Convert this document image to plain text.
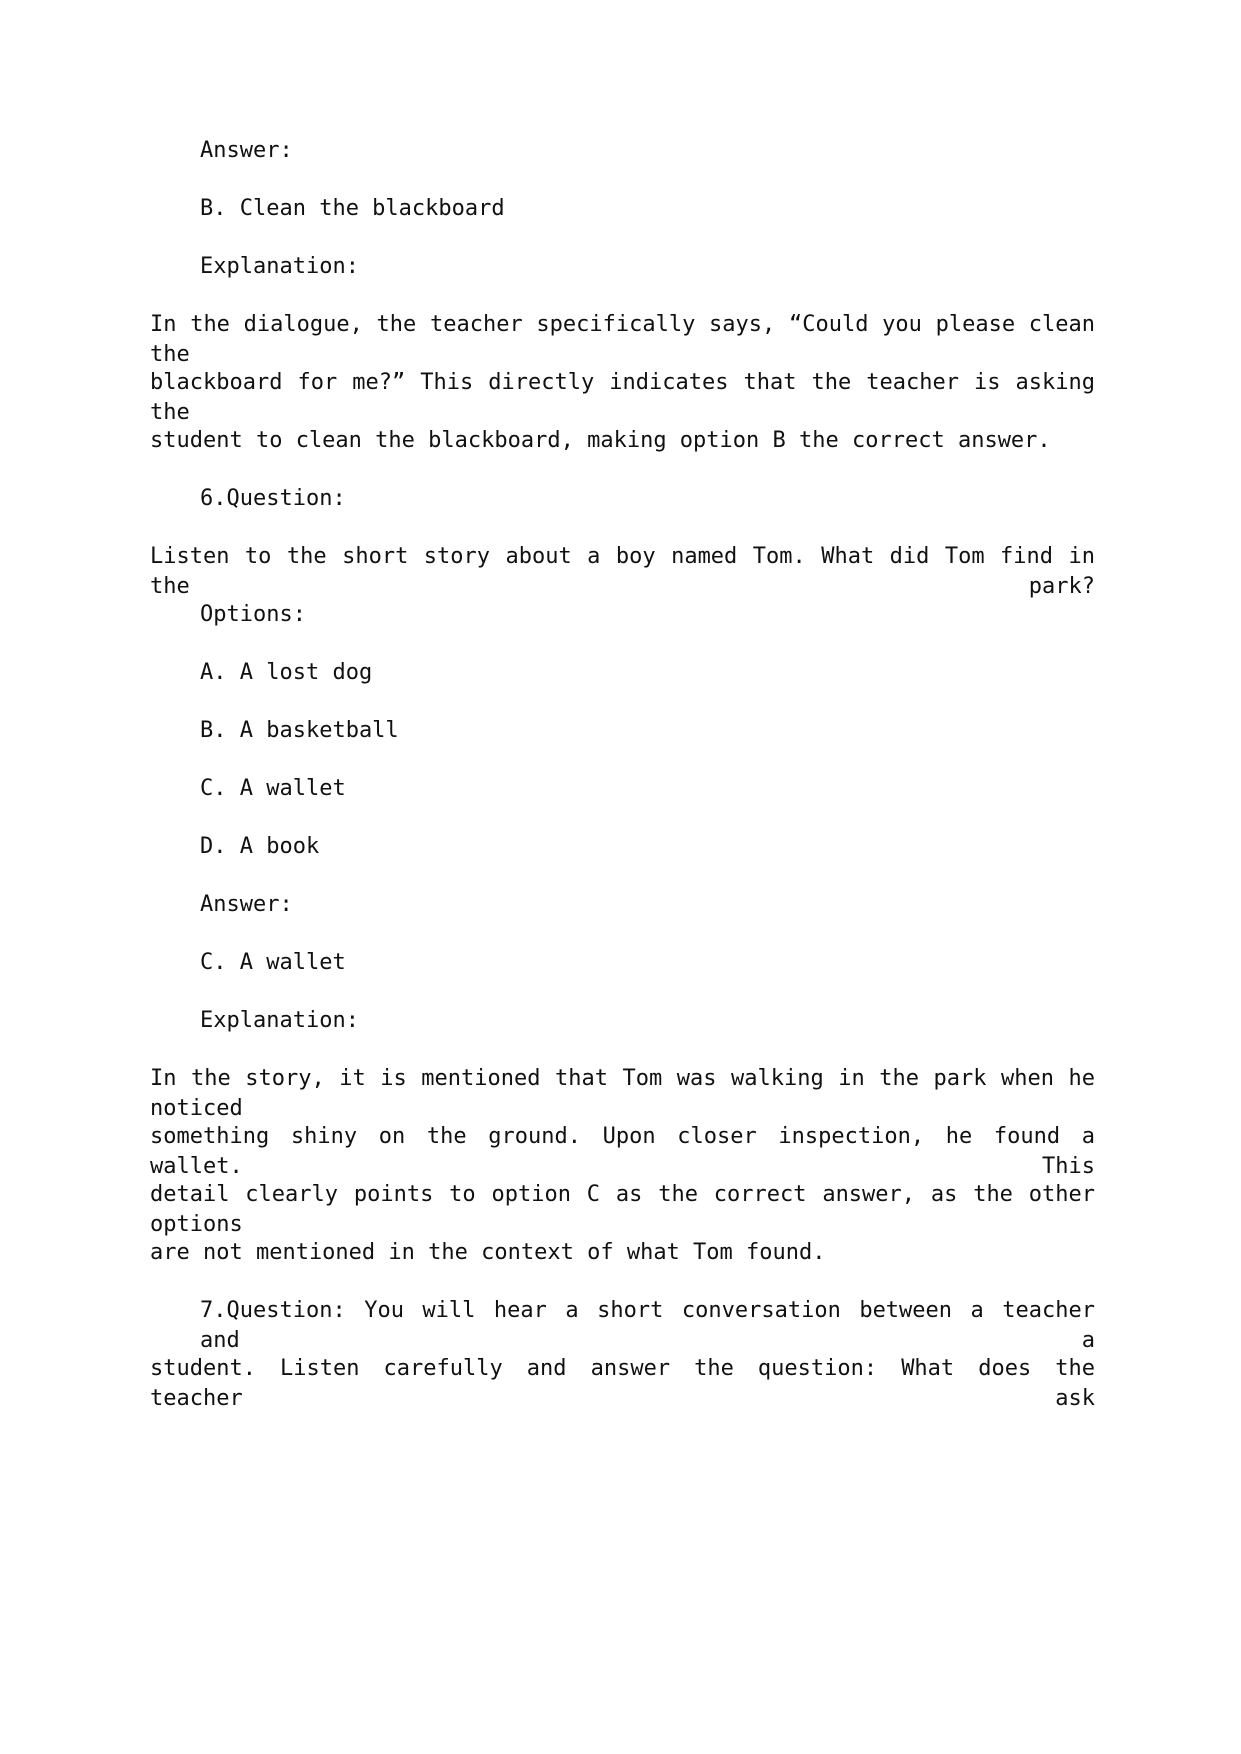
Answer:
B. Clean the blackboard
Explanation:
In the dialogue, the teacher specifically says, “Could you please clean the
blackboard for me?” This directly indicates that the teacher is asking the
student to clean the blackboard, making option B the correct answer.
6.Question:
Listen to the short story about a boy named Tom. What did Tom find in the park?
Options:
A. A lost dog
B. A basketball
C. A wallet
D. A book
Answer:
C. A wallet
Explanation:
In the story, it is mentioned that Tom was walking in the park when he noticed
something shiny on the ground. Upon closer inspection, he found a wallet. This
detail clearly points to option C as the correct answer, as the other options
are not mentioned in the context of what Tom found.
7.Question: You will hear a short conversation between a teacher and a
student. Listen carefully and answer the question: What does the teacher ask
